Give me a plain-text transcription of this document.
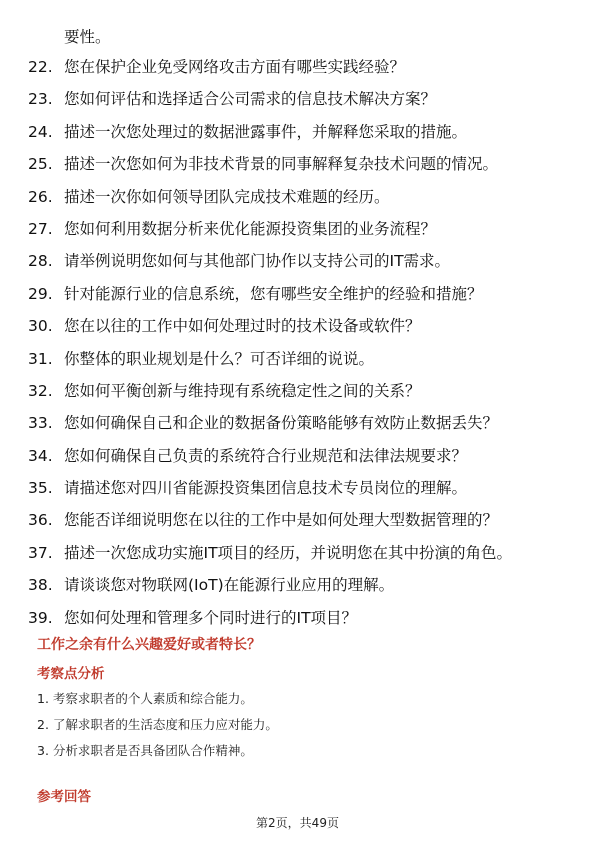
要性。

22. 您在保护企业免受网络攻击方面有哪些实践经验？
23. 您如何评估和选择适合公司需求的信息技术解决方案？
24. 描述一次您处理过的数据泄露事件，并解释您采取的措施。
25. 描述一次您如何为非技术背景的同事解释复杂技术问题的情况。
26. 描述一次你如何领导团队完成技术难题的经历。
27. 您如何利用数据分析来优化能源投资集团的业务流程？
28. 请举例说明您如何与其他部门协作以支持公司的IT需求。
29. 针对能源行业的信息系统，您有哪些安全维护的经验和措施？
30. 您在以往的工作中如何处理过时的技术设备或软件？
31. 你整体的职业规划是什么？可否详细的说说。
32. 您如何平衡创新与维持现有系统稳定性之间的关系？
33. 您如何确保自己和企业的数据备份策略能够有效防止数据丢失？
34. 您如何确保自己负责的系统符合行业规范和法律法规要求？
35. 请描述您对四川省能源投资集团信息技术专员岗位的理解。
36. 您能否详细说明您在以往的工作中是如何处理大型数据管理的？
37. 描述一次您成功实施IT项目的经历，并说明您在其中扮演的角色。
38. 请谈谈您对物联网(IoT)在能源行业应用的理解。
39. 您如何处理和管理多个同时进行的IT项目？
工作之余有什么兴趣爱好或者特长？
考察点分析
1. 考察求职者的个人素质和综合能力。
2. 了解求职者的生活态度和压力应对能力。
3. 分析求职者是否具备团队合作精神。
参考回答
第2页，共49页
